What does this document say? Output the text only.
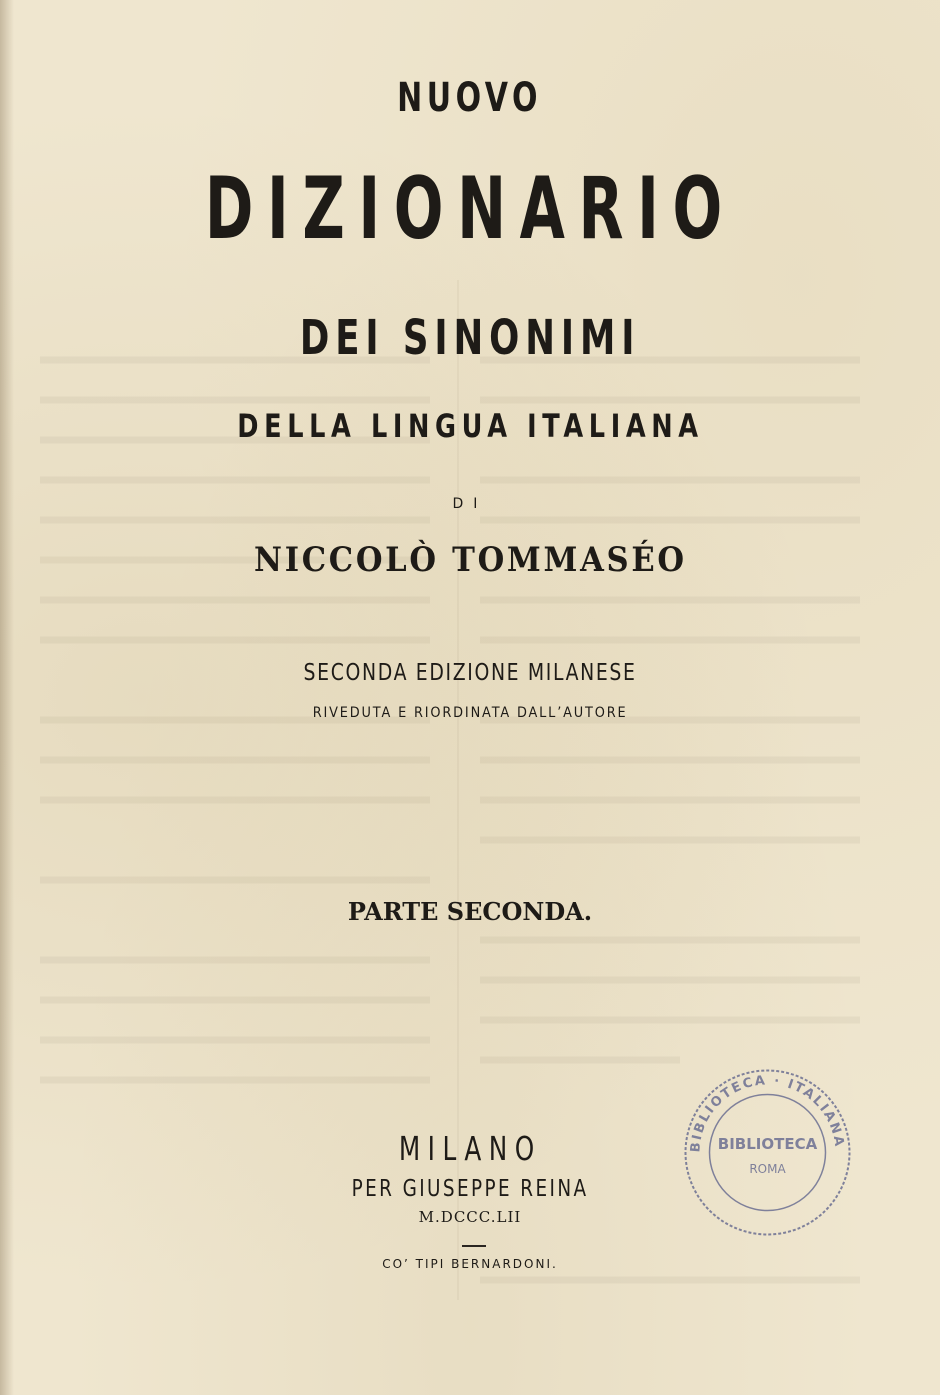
NUOVO
DIZIONARIO
DEI SINONIMI
DELLA LINGUA ITALIANA
DI
NICCOLÒ TOMMASÉO
SECONDA EDIZIONE MILANESE
RIVEDUTA E RIORDINATA DALL’AUTORE
PARTE SECONDA.
MILANO
PER GIUSEPPE REINA
M.DCCC.LII
CO’ TIPI BERNARDONI.
BIBLIOTECA · ITALIANA
BIBLIOTECA
ROMA
